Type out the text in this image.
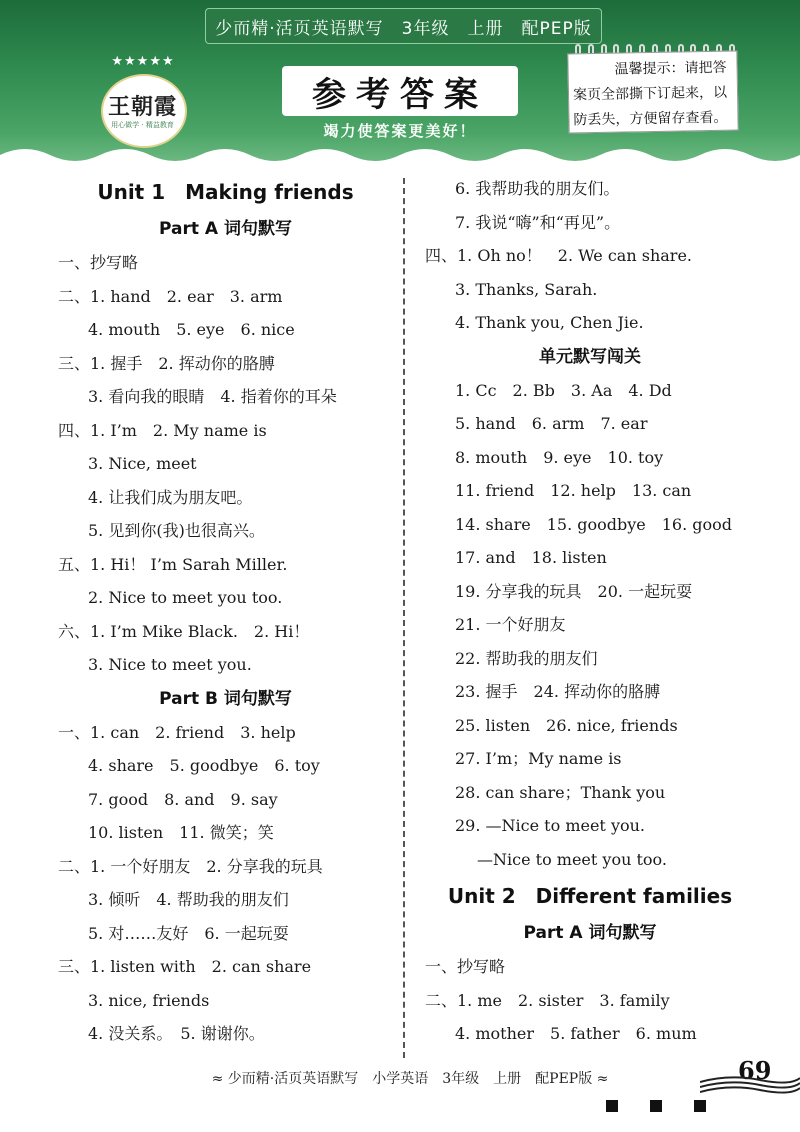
少而精·活页英语默写　3年级　上册　配PEP版
★★★★★
王朝霞
用心做学 · 精益教育
参考答案
竭力使答案更美好！
温馨提示：请把答
案页全部撕下订起来，以
防丢失，方便留存查看。
Unit 1　Making friends
Part A 词句默写
一、抄写略
二、1. hand　2. ear　3. arm
4. mouth　5. eye　6. nice
三、1. 握手　2. 挥动你的胳膊
3. 看向我的眼睛　4. 指着你的耳朵
四、1. I’m　2. My name is
3. Nice, meet
4. 让我们成为朋友吧。
5. 见到你(我)也很高兴。
五、1. Hi！ I’m Sarah Miller.
2. Nice to meet you too.
六、1. I’m Mike Black.　2. Hi！
3. Nice to meet you.
Part B 词句默写
一、1. can　2. friend　3. help
4. share　5. goodbye　6. toy
7. good　8. and　9. say
10. listen　11. 微笑；笑
二、1. 一个好朋友　2. 分享我的玩具
3. 倾听　4. 帮助我的朋友们
5. 对……友好　6. 一起玩耍
三、1. listen with　2. can share
3. nice, friends
4. 没关系。　5. 谢谢你。
6. 我帮助我的朋友们。
7. 我说“嗨”和“再见”。
四、1. Oh no！　2. We can share.
3. Thanks, Sarah.
4. Thank you, Chen Jie.
单元默写闯关
1. Cc　2. Bb　3. Aa　4. Dd
5. hand　6. arm　7. ear
8. mouth　9. eye　10. toy
11. friend　12. help　13. can
14. share　15. goodbye　16. good
17. and　18. listen
19. 分享我的玩具　20. 一起玩耍
21. 一个好朋友
22. 帮助我的朋友们
23. 握手　24. 挥动你的胳膊
25. listen　26. nice, friends
27. I’m；My name is
28. can share；Thank you
29. —Nice to meet you.
—Nice to meet you too.
Unit 2　Different families
Part A 词句默写
一、抄写略
二、1. me　2. sister　3. family
4. mother　5. father　6. mum
≈ 少而精·活页英语默写　小学英语　3年级　上册　配PEP版 ≈	69
